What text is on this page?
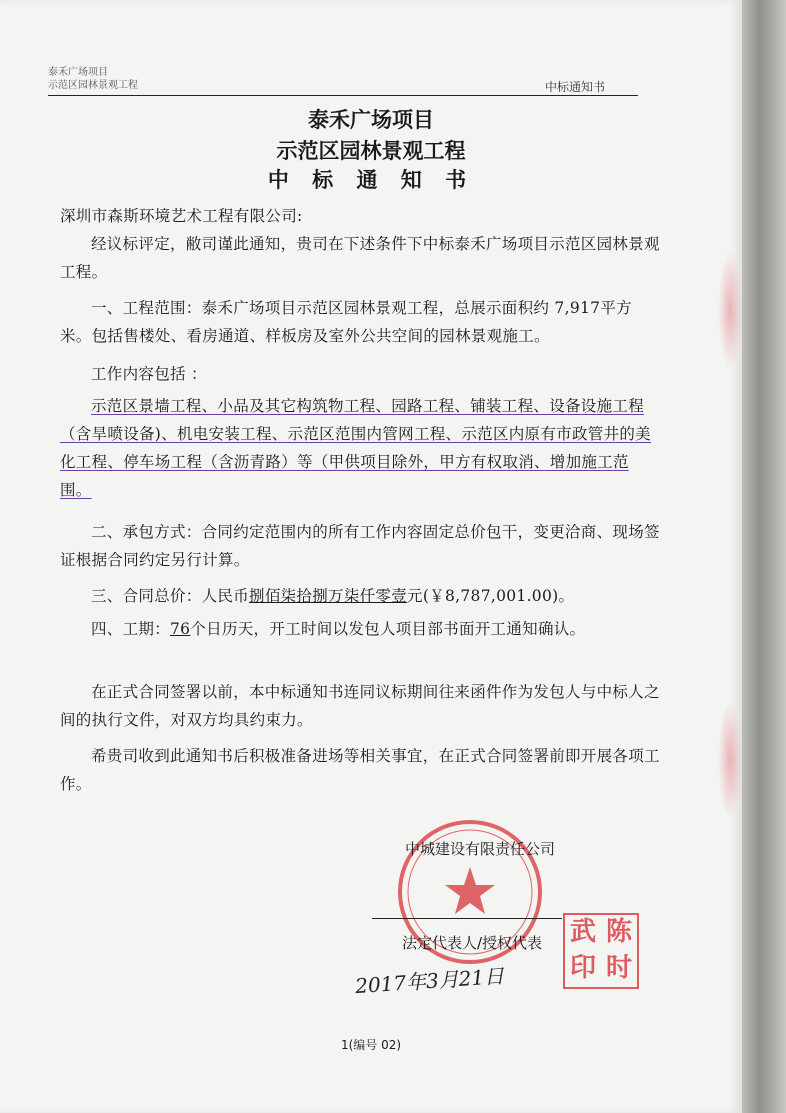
泰禾广场项目
示范区园林景观工程	中标通知书
泰禾广场项目
示范区园林景观工程
中 标 通 知 书
深圳市森斯环境艺术工程有限公司:
经议标评定，敝司谨此通知，贵司在下述条件下中标泰禾广场项目示范区园林景观工程。
一、工程范围：泰禾广场项目示范区园林景观工程，总展示面积约 7,917平方米。包括售楼处、看房通道、样板房及室外公共空间的园林景观施工。
工作内容包括 ：
示范区景墙工程、小品及其它构筑物工程、园路工程、铺装工程、设备设施工程（含旱喷设备)、机电安装工程、示范区范围内管网工程、示范区内原有市政管井的美化工程、停车场工程（含沥青路）等（甲供项目除外，甲方有权取消、增加施工范围。
二、承包方式：合同约定范围内的所有工作内容固定总价包干，变更洽商、现场签证根据合同约定另行计算。
三、合同总价：人民币捌佰柒拾捌万柒仟零壹元(￥8,787,001.00)。
四、工期：76个日历天，开工时间以发包人项目部书面开工通知确认。
在正式合同签署以前，本中标通知书连同议标期间往来函件作为发包人与中标人之间的执行文件，对双方均具约束力。
希贵司收到此通知书后积极准备进场等相关事宜，在正式合同签署前即开展各项工作。
中城建设有限责任公司
法定代表人/授权代表
2017年3月21日
武 陈
印 时
1(编号 02)
